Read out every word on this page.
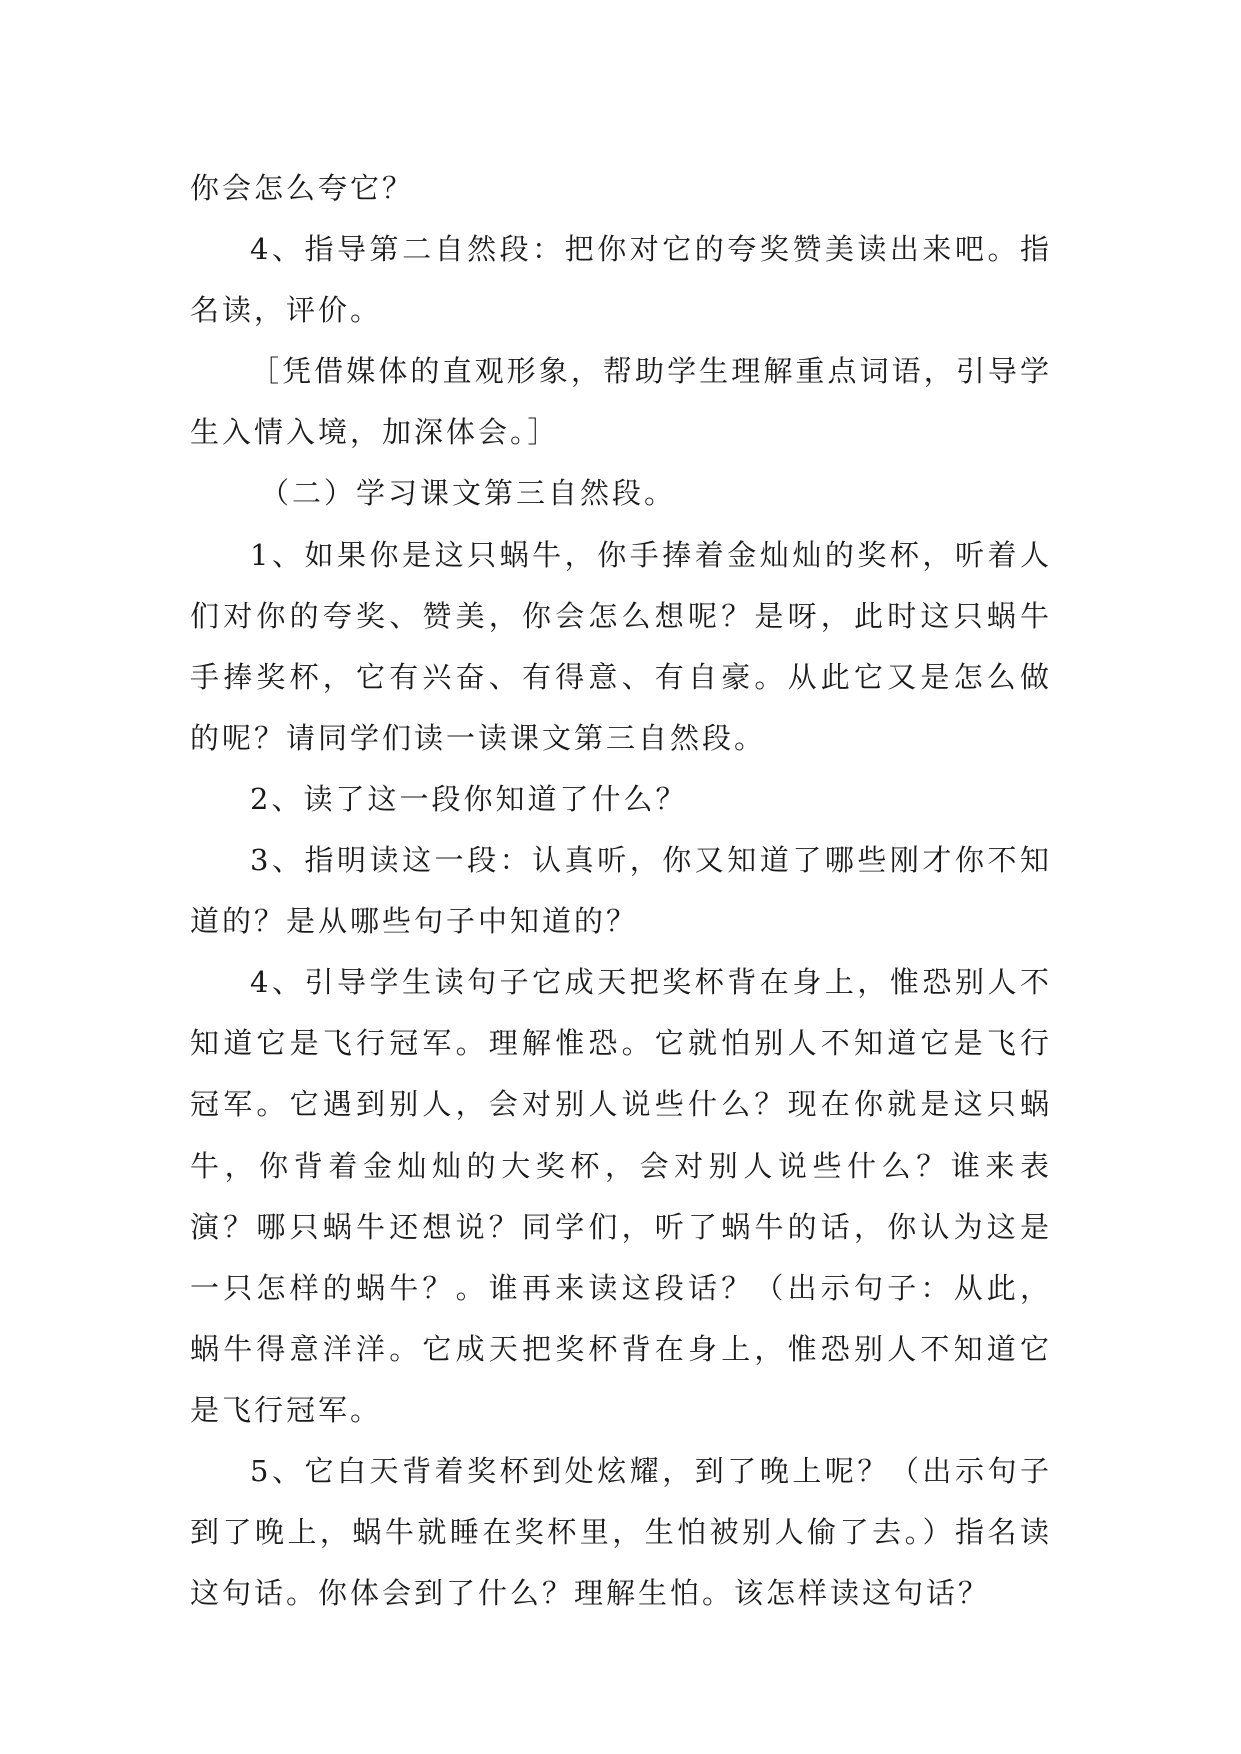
你会怎么夸它？

4、指导第二自然段：把你对它的夸奖赞美读出来吧。指名读，评价。

［凭借媒体的直观形象，帮助学生理解重点词语，引导学生入情入境，加深体会。］

（二）学习课文第三自然段。

1、如果你是这只蜗牛，你手捧着金灿灿的奖杯，听着人们对你的夸奖、赞美，你会怎么想呢？是呀，此时这只蜗牛手捧奖杯，它有兴奋、有得意、有自豪。从此它又是怎么做的呢？请同学们读一读课文第三自然段。

2、读了这一段你知道了什么？

3、指明读这一段：认真听，你又知道了哪些刚才你不知道的？是从哪些句子中知道的？

4、引导学生读句子它成天把奖杯背在身上，惟恐别人不知道它是飞行冠军。理解惟恐。它就怕别人不知道它是飞行冠军。它遇到别人，会对别人说些什么？现在你就是这只蜗牛，你背着金灿灿的大奖杯，会对别人说些什么？谁来表演？哪只蜗牛还想说？同学们，听了蜗牛的话，你认为这是一只怎样的蜗牛？。谁再来读这段话？（出示句子：从此，蜗牛得意洋洋。它成天把奖杯背在身上，惟恐别人不知道它是飞行冠军。

5、它白天背着奖杯到处炫耀，到了晚上呢？（出示句子到了晚上，蜗牛就睡在奖杯里，生怕被别人偷了去。）指名读这句话。你体会到了什么？理解生怕。该怎样读这句话？
